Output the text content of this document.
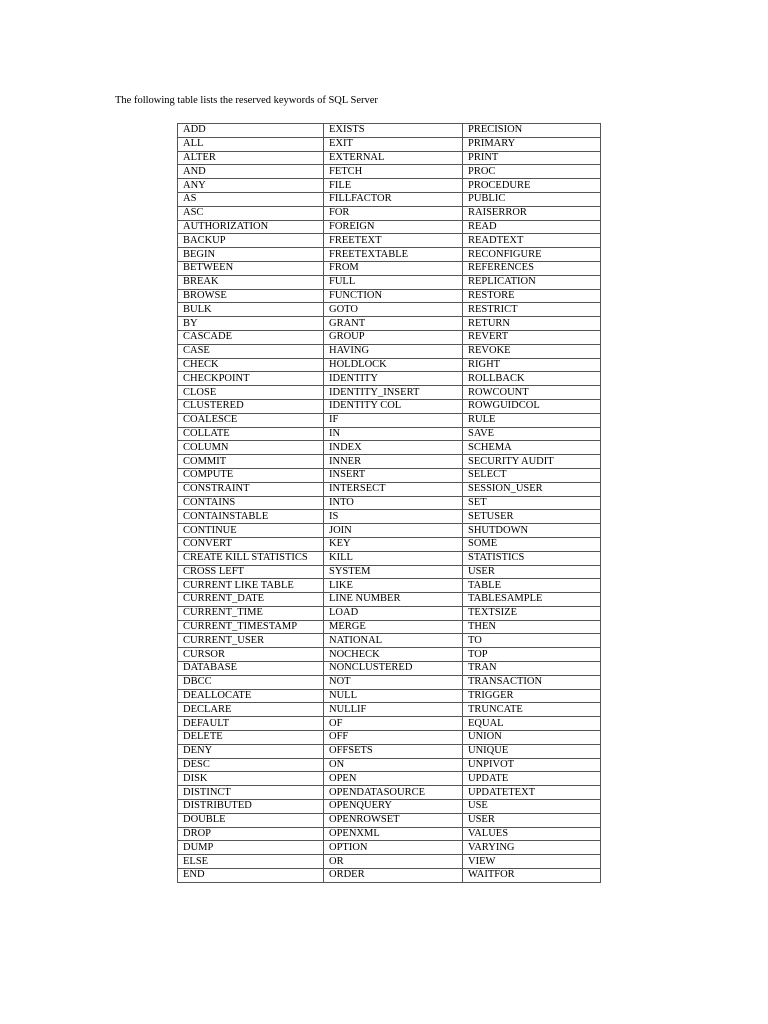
The following table lists the reserved keywords of SQL Server
ADD	EXISTS	PRECISION
ALL	EXIT	PRIMARY
ALTER	EXTERNAL	PRINT
AND	FETCH	PROC
ANY	FILE	PROCEDURE
AS	FILLFACTOR	PUBLIC
ASC	FOR	RAISERROR
AUTHORIZATION	FOREIGN	READ
BACKUP	FREETEXT	READTEXT
BEGIN	FREETEXTABLE	RECONFIGURE
BETWEEN	FROM	REFERENCES
BREAK	FULL	REPLICATION
BROWSE	FUNCTION	RESTORE
BULK	GOTO	RESTRICT
BY	GRANT	RETURN
CASCADE	GROUP	REVERT
CASE	HAVING	REVOKE
CHECK	HOLDLOCK	RIGHT
CHECKPOINT	IDENTITY	ROLLBACK
CLOSE	IDENTITY_INSERT	ROWCOUNT
CLUSTERED	IDENTITY COL	ROWGUIDCOL
COALESCE	IF	RULE
COLLATE	IN	SAVE
COLUMN	INDEX	SCHEMA
COMMIT	INNER	SECURITY AUDIT
COMPUTE	INSERT	SELECT
CONSTRAINT	INTERSECT	SESSION_USER
CONTAINS	INTO	SET
CONTAINSTABLE	IS	SETUSER
CONTINUE	JOIN	SHUTDOWN
CONVERT	KEY	SOME
CREATE KILL STATISTICS	KILL	STATISTICS
CROSS LEFT	SYSTEM	USER
CURRENT LIKE TABLE	LIKE	TABLE
CURRENT_DATE	LINE NUMBER	TABLESAMPLE
CURRENT_TIME	LOAD	TEXTSIZE
CURRENT_TIMESTAMP	MERGE	THEN
CURRENT_USER	NATIONAL	TO
CURSOR	NOCHECK	TOP
DATABASE	NONCLUSTERED	TRAN
DBCC	NOT	TRANSACTION
DEALLOCATE	NULL	TRIGGER
DECLARE	NULLIF	TRUNCATE
DEFAULT	OF	EQUAL
DELETE	OFF	UNION
DENY	OFFSETS	UNIQUE
DESC	ON	UNPIVOT
DISK	OPEN	UPDATE
DISTINCT	OPENDATASOURCE	UPDATETEXT
DISTRIBUTED	OPENQUERY	USE
DOUBLE	OPENROWSET	USER
DROP	OPENXML	VALUES
DUMP	OPTION	VARYING
ELSE	OR	VIEW
END	ORDER	WAITFOR
